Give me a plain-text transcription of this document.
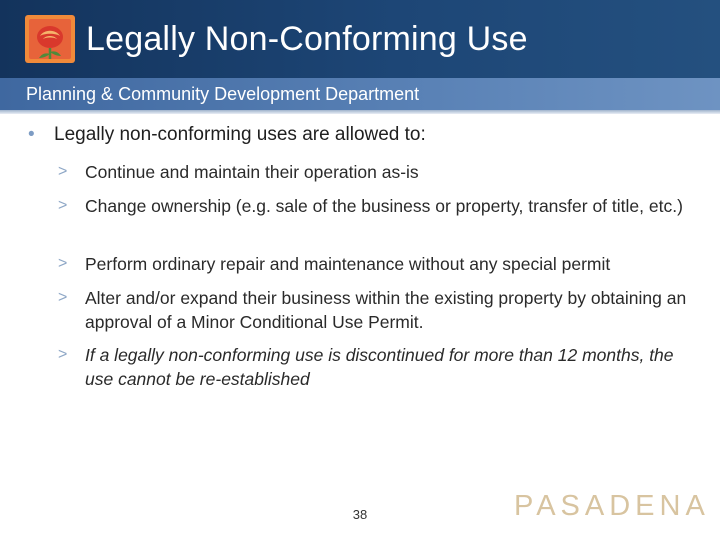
Legally Non-Conforming Use
Planning & Community Development Department
• Legally non-conforming uses are allowed to:
> Continue and maintain their operation as-is
> Change ownership (e.g. sale of the business or property, transfer of title, etc.)
> Perform ordinary repair and maintenance without any special permit
> Alter and/or expand their business within the existing property by obtaining an approval of a Minor Conditional Use Permit.
> If a legally non-conforming use is discontinued for more than 12 months, the use cannot be re-established
38	PASADENA
